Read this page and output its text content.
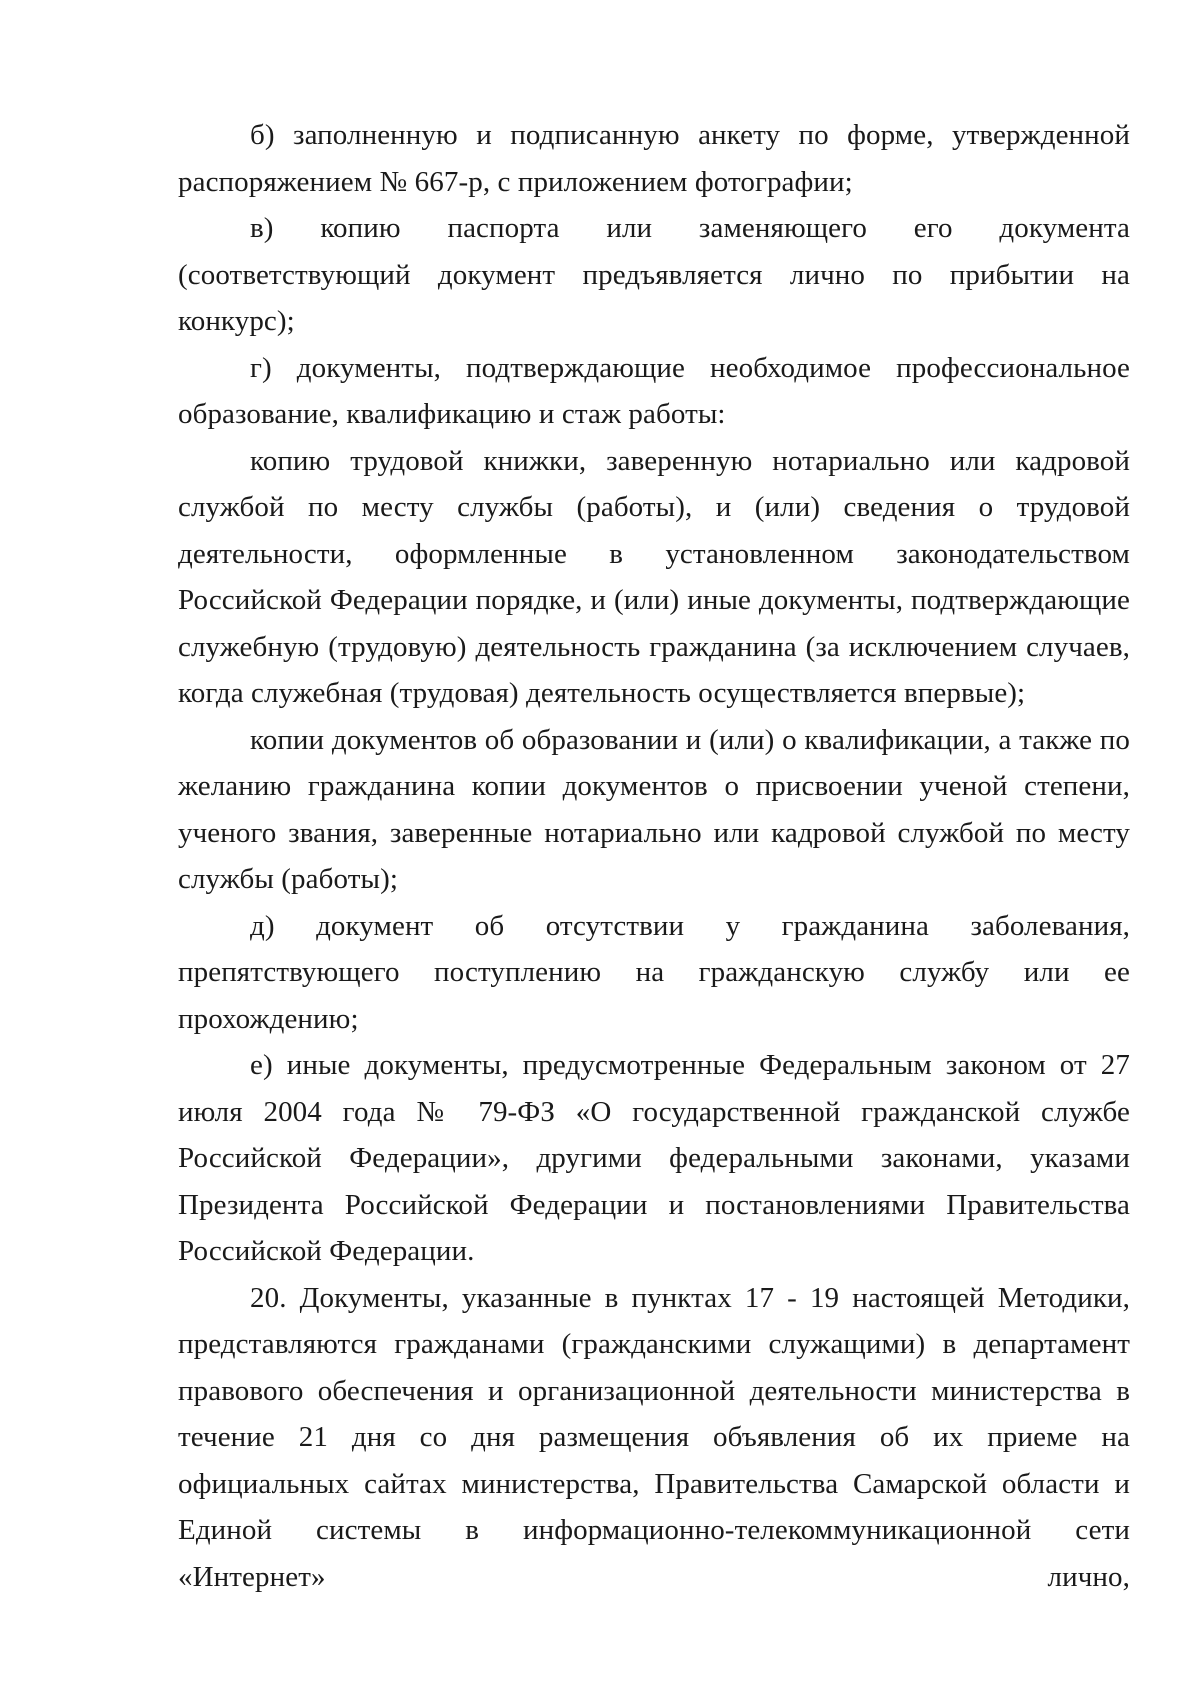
б) заполненную и подписанную анкету по форме, утвержденной распоряжением № 667-р, с приложением фотографии;

в) копию паспорта или заменяющего его документа (соответствующий документ предъявляется лично по прибытии на конкурс);

г) документы, подтверждающие необходимое профессиональное образование, квалификацию и стаж работы:

копию трудовой книжки, заверенную нотариально или кадровой службой по месту службы (работы), и (или) сведения о трудовой деятельности, оформленные в установленном законодательством Российской Федерации порядке, и (или) иные документы, подтверждающие служебную (трудовую) деятельность гражданина (за исключением случаев, когда служебная (трудовая) деятельность осуществляется впервые);

копии документов об образовании и (или) о квалификации, а также по желанию гражданина копии документов о присвоении ученой степени, ученого звания, заверенные нотариально или кадровой службой по месту службы (работы);

д) документ об отсутствии у гражданина заболевания, препятствующего поступлению на гражданскую службу или ее прохождению;

е) иные документы, предусмотренные Федеральным законом от 27 июля 2004 года № 79-ФЗ «О государственной гражданской службе Российской Федерации», другими федеральными законами, указами Президента Российской Федерации и постановлениями Правительства Российской Федерации.

20. Документы, указанные в пунктах 17 - 19 настоящей Методики, представляются гражданами (гражданскими служащими) в департамент правового обеспечения и организационной деятельности министерства в течение 21 дня со дня размещения объявления об их приеме на официальных сайтах министерства, Правительства Самарской области и Единой системы в информационно-телекоммуникационной сети «Интернет» лично,
